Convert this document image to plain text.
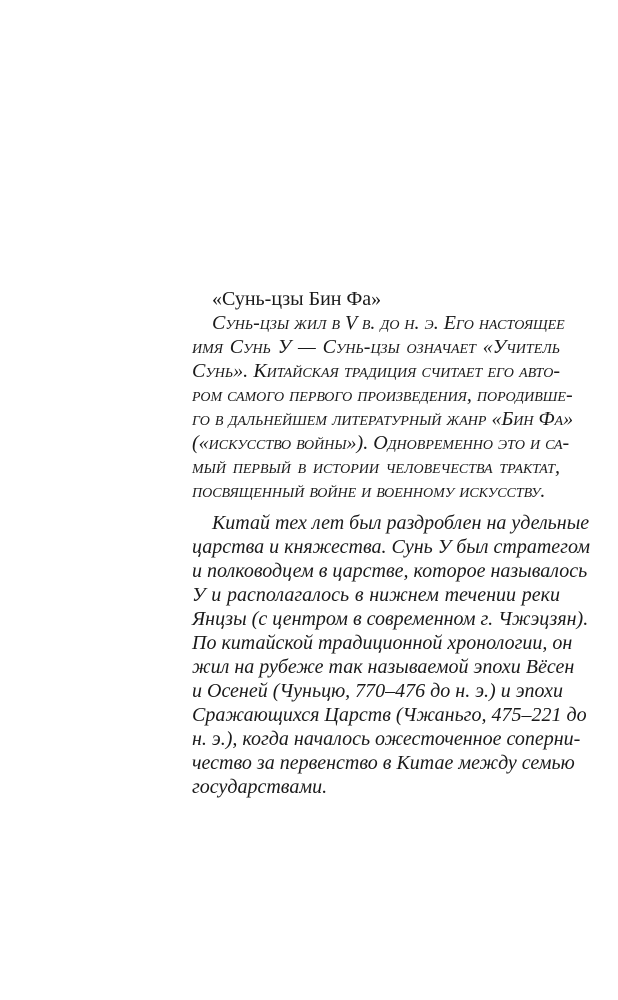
«Сунь-цзы Бин Фа»

Сунь-цзы жил в V в. до н. э. Его настоящее

имя Сунь У — Сунь-цзы означает «Учитель

Сунь». Китайская традиция считает его авто-

ром самого первого произведения, породивше-

го в дальнейшем литературный жанр «Бин Фа»

(«искусство войны»). Одновременно это и са-

мый первый в истории человечества трактат,

посвященный войне и военному искусству.

Китай тех лет был раздроблен на удельные

царства и княжества. Сунь У был стратегом

и полководцем в царстве, которое называлось

У и располагалось в нижнем течении реки

Янцзы (с центром в современном г. Чжэцзян).

По китайской традиционной хронологии, он

жил на рубеже так называемой эпохи Вёсен

и Осеней (Чуньцю, 770–476 до н. э.) и эпохи

Сражающихся Царств (Чжаньго, 475–221 до

н. э.), когда началось ожесточенное соперни-

чество за первенство в Китае между семью

государствами.
